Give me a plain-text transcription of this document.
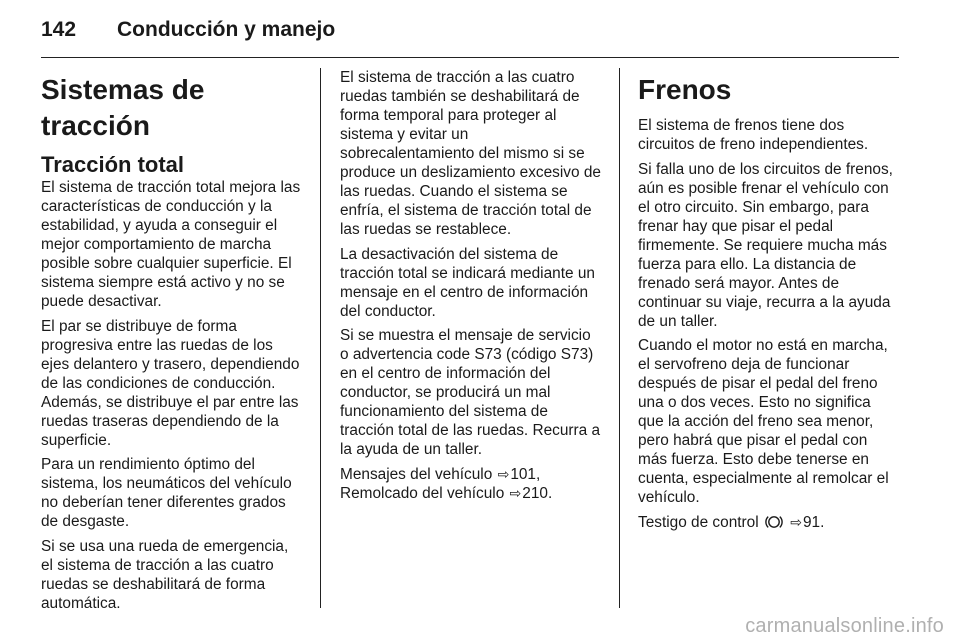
142	Conducción y manejo
Sistemas de tracción
Tracción total

El sistema de tracción total mejora las características de conducción y la estabilidad, y ayuda a conseguir el mejor comportamiento de marcha posible sobre cualquier superficie. El sistema siempre está activo y no se puede desactivar.

El par se distribuye de forma progresiva entre las ruedas de los ejes delantero y trasero, dependiendo de las condiciones de conducción. Además, se distribuye el par entre las ruedas traseras dependiendo de la superficie.

Para un rendimiento óptimo del sistema, los neumáticos del vehículo no deberían tener diferentes grados de desgaste.

Si se usa una rueda de emergencia, el sistema de tracción a las cuatro ruedas se deshabilitará de forma automática.

El sistema de tracción a las cuatro ruedas también se deshabilitará de forma temporal para proteger al sistema y evitar un sobrecalentamiento del mismo si se produce un deslizamiento excesivo de las ruedas. Cuando el sistema se enfría, el sistema de tracción total de las ruedas se restablece.

La desactivación del sistema de tracción total se indicará mediante un mensaje en el centro de información del conductor.

Si se muestra el mensaje de servicio o advertencia code S73 (código S73) en el centro de información del conductor, se producirá un mal funcionamiento del sistema de tracción total de las ruedas. Recurra a la ayuda de un taller.

Mensajes del vehículo ⇨101, Remolcado del vehículo ⇨210.

Frenos

El sistema de frenos tiene dos circuitos de freno independientes.

Si falla uno de los circuitos de frenos, aún es posible frenar el vehículo con el otro circuito. Sin embargo, para frenar hay que pisar el pedal firmemente. Se requiere mucha más fuerza para ello. La distancia de frenado será mayor. Antes de continuar su viaje, recurra a la ayuda de un taller.

Cuando el motor no está en marcha, el servofreno deja de funcionar después de pisar el pedal del freno una o dos veces. Esto no significa que la acción del freno sea menor, pero habrá que pisar el pedal con más fuerza. Esto debe tenerse en cuenta, especialmente al remolcar el vehículo.

Testigo de control ⇨91.

carmanualsonline.info
